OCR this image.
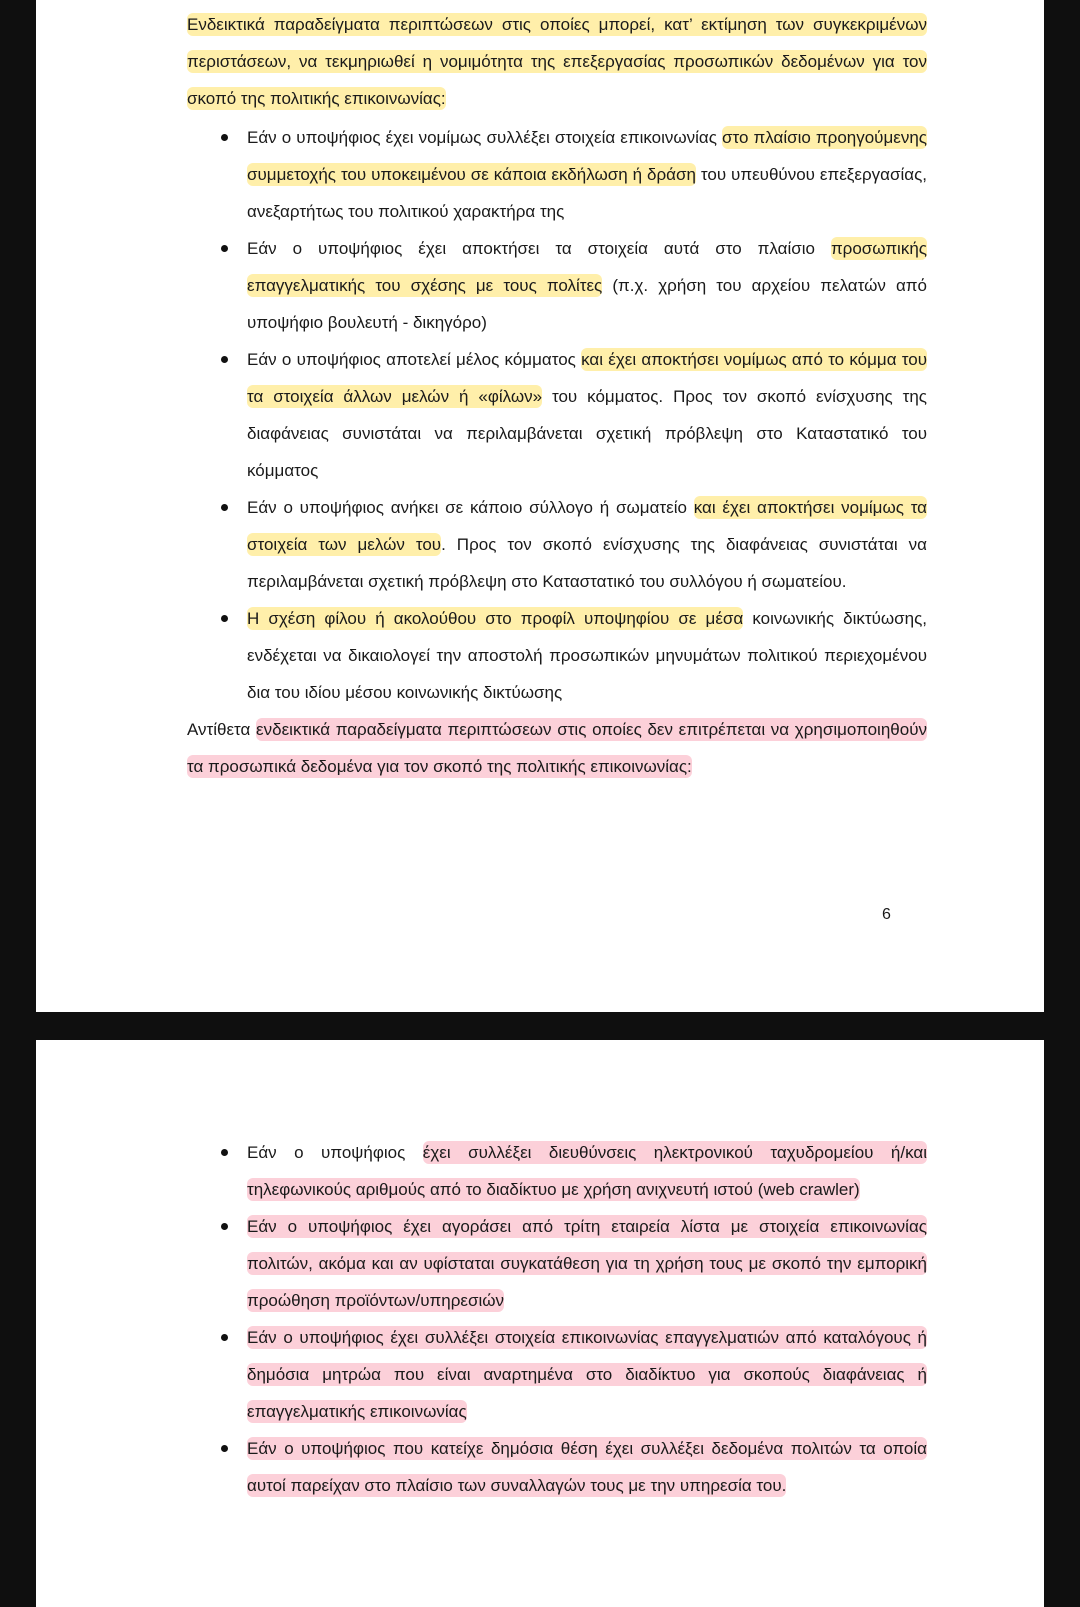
Ενδεικτικά παραδείγματα περιπτώσεων στις οποίες μπορεί, κατ’ εκτίμηση των συγκεκριμένων περιστάσεων, να τεκμηριωθεί η νομιμότητα της επεξεργασίας προσωπικών δεδομένων για τον σκοπό της πολιτικής επικοινωνίας:

Εάν ο υποψήφιος έχει νομίμως συλλέξει στοιχεία επικοινωνίας στο πλαίσιο προηγούμενης συμμετοχής του υποκειμένου σε κάποια εκδήλωση ή δράση του υπευθύνου επεξεργασίας, ανεξαρτήτως του πολιτικού χαρακτήρα της
Εάν ο υποψήφιος έχει αποκτήσει τα στοιχεία αυτά στο πλαίσιο προσωπικής επαγγελματικής του σχέσης με τους πολίτες (π.χ. χρήση του αρχείου πελατών από υποψήφιο βουλευτή - δικηγόρο)
Εάν ο υποψήφιος αποτελεί μέλος κόμματος και έχει αποκτήσει νομίμως από το κόμμα του τα στοιχεία άλλων μελών ή «φίλων» του κόμματος. Προς τον σκοπό ενίσχυσης της διαφάνειας συνιστάται να περιλαμβάνεται σχετική πρόβλεψη στο Καταστατικό του κόμματος
Εάν ο υποψήφιος ανήκει σε κάποιο σύλλογο ή σωματείο και έχει αποκτήσει νομίμως τα στοιχεία των μελών του. Προς τον σκοπό ενίσχυσης της διαφάνειας συνιστάται να περιλαμβάνεται σχετική πρόβλεψη στο Καταστατικό του συλλόγου ή σωματείου.
Η σχέση φίλου ή ακολούθου στο προφίλ υποψηφίου σε μέσα κοινωνικής δικτύωσης, ενδέχεται να δικαιολογεί την αποστολή προσωπικών μηνυμάτων πολιτικού περιεχομένου δια του ιδίου μέσου κοινωνικής δικτύωσης

Αντίθετα ενδεικτικά παραδείγματα περιπτώσεων στις οποίες δεν επιτρέπεται να χρησιμοποιηθούν τα προσωπικά δεδομένα για τον σκοπό της πολιτικής επικοινωνίας:

6
Εάν ο υποψήφιος έχει συλλέξει διευθύνσεις ηλεκτρονικού ταχυδρομείου ή/και τηλεφωνικούς αριθμούς από το διαδίκτυο με χρήση ανιχνευτή ιστού (web crawler)
Εάν ο υποψήφιος έχει αγοράσει από τρίτη εταιρεία λίστα με στοιχεία επικοινωνίας πολιτών, ακόμα και αν υφίσταται συγκατάθεση για τη χρήση τους με σκοπό την εμπορική προώθηση προϊόντων/υπηρεσιών
Εάν ο υποψήφιος έχει συλλέξει στοιχεία επικοινωνίας επαγγελματιών από καταλόγους ή δημόσια μητρώα που είναι αναρτημένα στο διαδίκτυο για σκοπούς διαφάνειας ή επαγγελματικής επικοινωνίας
Εάν ο υποψήφιος που κατείχε δημόσια θέση έχει συλλέξει δεδομένα πολιτών τα οποία αυτοί παρείχαν στο πλαίσιο των συναλλαγών τους με την υπηρεσία του.
